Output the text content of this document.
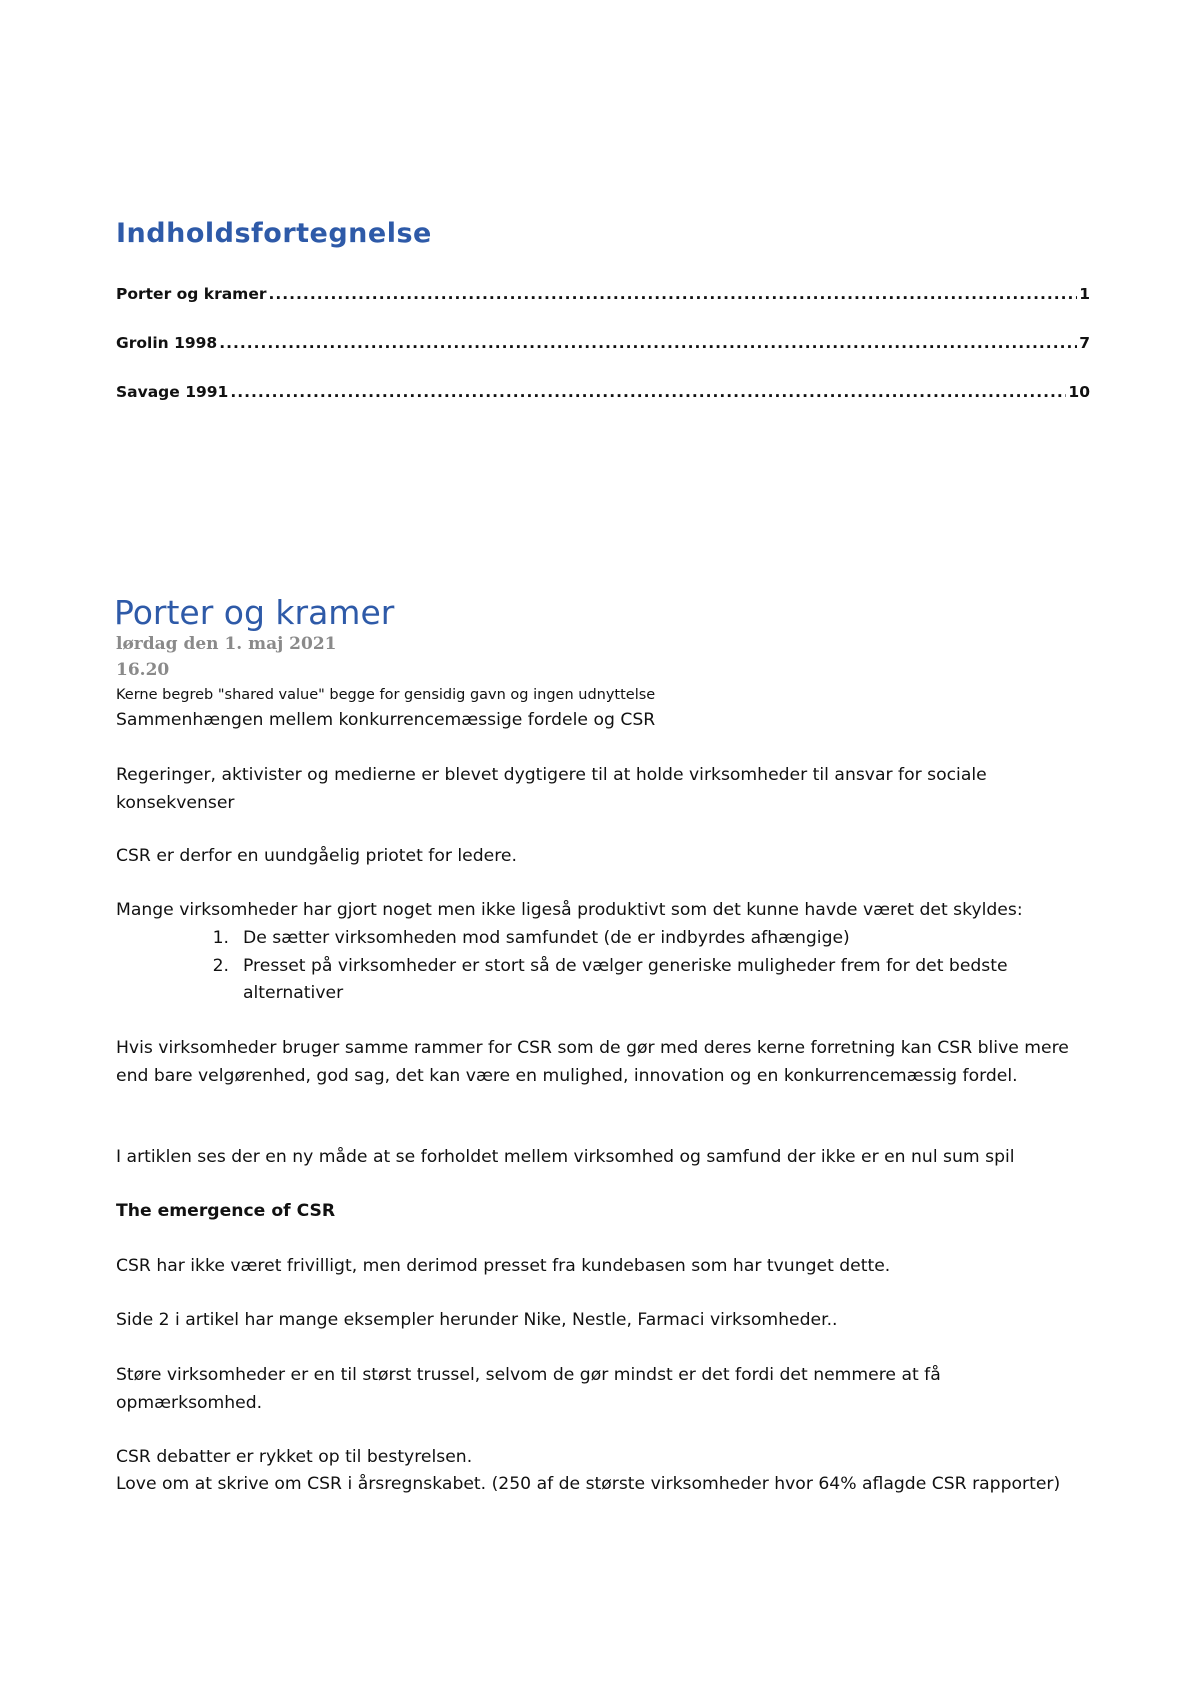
Indholdsfortegnelse
Porter og kramer .....	1
Grolin 1998 .....	7
Savage 1991 .....	10
Porter og kramer
lørdag den 1. maj 2021
16.20
Kerne begreb "shared value" begge for gensidig gavn og ingen udnyttelse

Sammenhængen mellem konkurrencemæssige fordele og CSR

Regeringer, aktivister og medierne er blevet dygtigere til at holde virksomheder til ansvar for sociale konsekvenser

CSR er derfor en uundgåelig priotet for ledere.

Mange virksomheder har gjort noget men ikke ligeså produktivt som det kunne havde været det skyldes:

1. De sætter virksomheden mod samfundet (de er indbyrdes afhængige)
2. Presset på virksomheder er stort så de vælger generiske muligheder frem for det bedste alternativer

Hvis virksomheder bruger samme rammer for CSR som de gør med deres kerne forretning kan CSR blive mere end bare velgørenhed, god sag, det kan være en mulighed, innovation og en konkurrencemæssig fordel.

I artiklen ses der en ny måde at se forholdet mellem virksomhed og samfund der ikke er en nul sum spil

The emergence of CSR

CSR har ikke været frivilligt, men derimod presset fra kundebasen som har tvunget dette.

Side 2 i artikel har mange eksempler herunder Nike, Nestle, Farmaci virksomheder..

Støre virksomheder er en til størst trussel, selvom de gør mindst er det fordi det nemmere at få opmærksomhed.

CSR debatter er rykket op til bestyrelsen.

Love om at skrive om CSR i årsregnskabet. (250 af de største virksomheder hvor 64% aflagde CSR rapporter)
